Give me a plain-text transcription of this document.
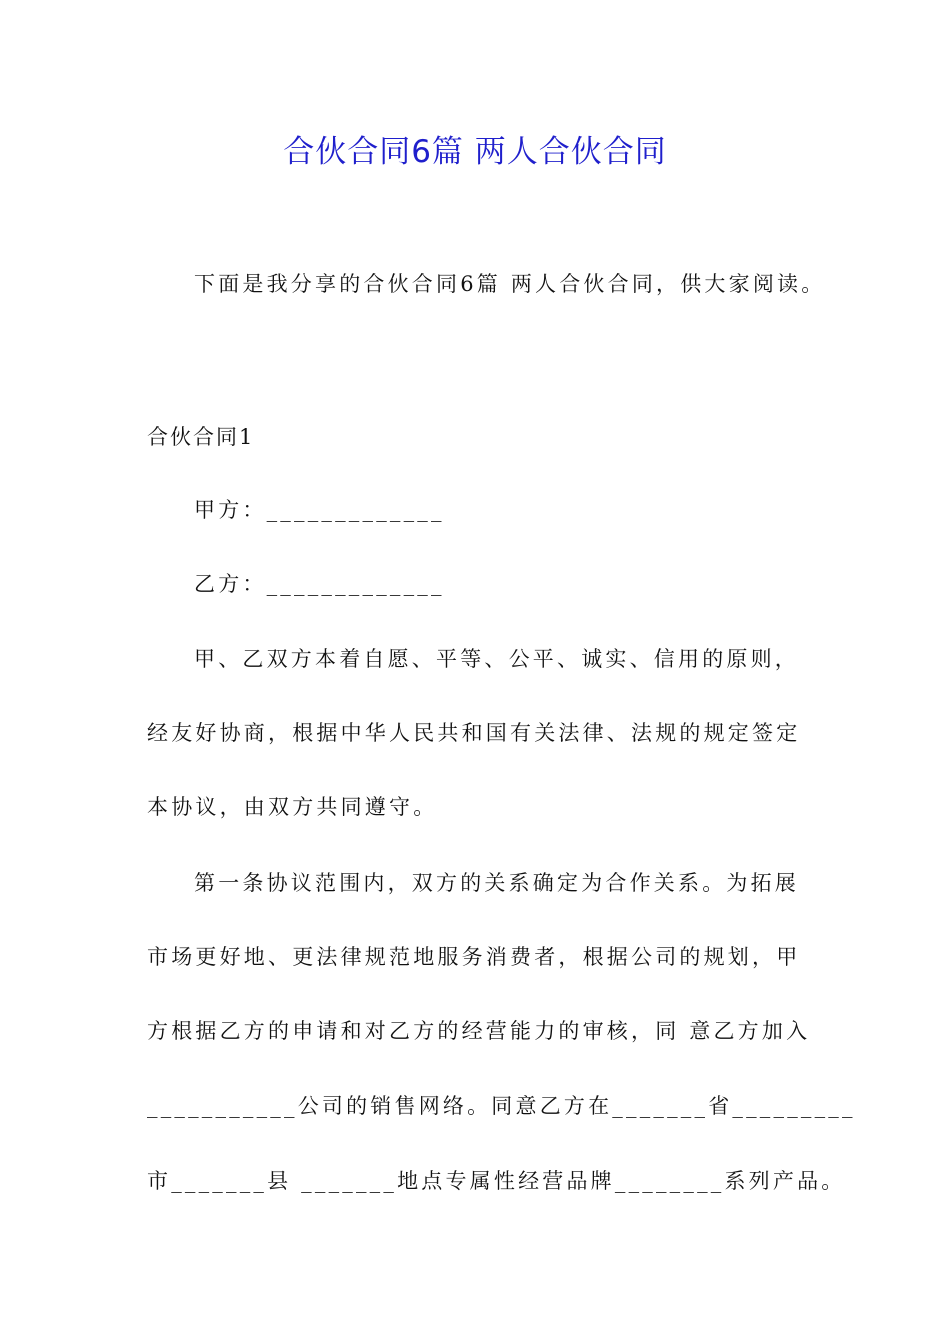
合伙合同6篇 两人合伙合同
下面是我分享的合伙合同6篇 两人合伙合同，供大家阅读。
合伙合同1
甲方：_____________
乙方：_____________
甲、乙双方本着自愿、平等、公平、诚实、信用的原则，
经友好协商，根据中华人民共和国有关法律、法规的规定签定
本协议，由双方共同遵守。
第一条协议范围内，双方的关系确定为合作关系。为拓展
市场更好地、更法律规范地服务消费者，根据公司的规划，甲
方根据乙方的申请和对乙方的经营能力的审核，同 意乙方加入
___________公司的销售网络。同意乙方在_______省_________
市_______县 _______地点专属性经营品牌________系列产品。
